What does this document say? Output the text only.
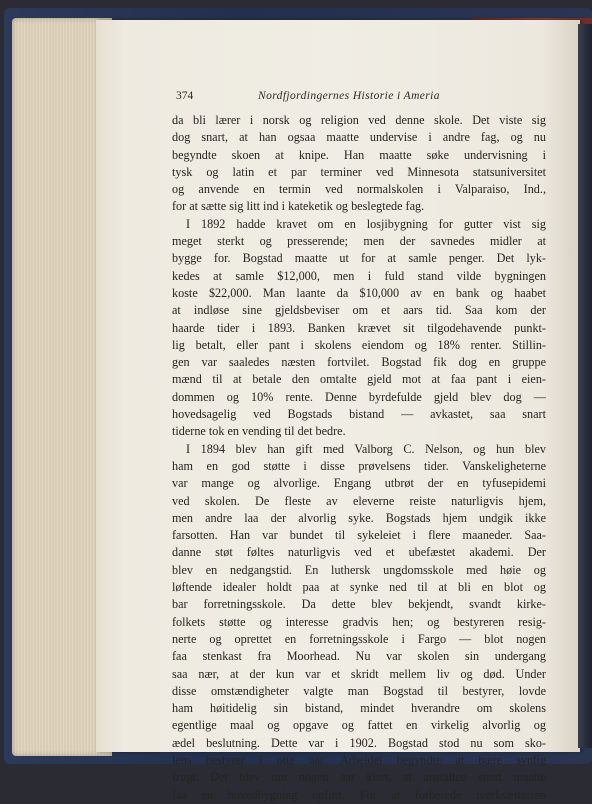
374	Nordfjordingernes Historie i Ameria
da bli lærer i norsk og religion ved denne skole. Det viste sig
dog snart, at han ogsaa maatte undervise i andre fag, og nu
begyndte skoen at knipe. Han maatte søke undervisning i
tysk og latin et par terminer ved Minnesota statsuniversitet
og anvende en termin ved normalskolen i Valparaiso, Ind.,
for at sætte sig litt ind i kateketik og beslegtede fag.
I 1892 hadde kravet om en losjibygning for gutter vist sig
meget sterkt og presserende; men der savnedes midler at
bygge for. Bogstad maatte ut for at samle penger. Det lyk-
kedes at samle $12,000, men i fuld stand vilde bygningen
koste $22,000. Man laante da $10,000 av en bank og haabet
at indløse sine gjeldsbeviser om et aars tid. Saa kom der
haarde tider i 1893. Banken krævet sit tilgodehavende punkt-
lig betalt, eller pant i skolens eiendom og 18% renter. Stillin-
gen var saaledes næsten fortvilet. Bogstad fik dog en gruppe
mænd til at betale den omtalte gjeld mot at faa pant i eien-
dommen og 10% rente. Denne byrdefulde gjeld blev dog —
hovedsagelig ved Bogstads bistand — avkastet, saa snart
tiderne tok en vending til det bedre.
I 1894 blev han gift med Valborg C. Nelson, og hun blev
ham en god støtte i disse prøvelsens tider. Vanskeligheterne
var mange og alvorlige. Engang utbrøt der en tyfusepidemi
ved skolen. De fleste av eleverne reiste naturligvis hjem,
men andre laa der alvorlig syke. Bogstads hjem undgik ikke
farsotten. Han var bundet til sykeleiet i flere maaneder. Saa-
danne støt føltes naturligvis ved et ubefæstet akademi. Der
blev en nedgangstid. En luthersk ungdomsskole med høie og
løftende idealer holdt paa at synke ned til at bli en blot og
bar forretningsskole. Da dette blev bekjendt, svandt kirke-
folkets støtte og interesse gradvis hen; og bestyreren resig-
nerte og oprettet en forretningsskole i Fargo — blot nogen
faa stenkast fra Moorhead. Nu var skolen sin undergang
saa nær, at der kun var et skridt mellem liv og død. Under
disse omstændigheter valgte man Bogstad til bestyrer, lovde
ham høitidelig sin bistand, mindet hverandre om skolens
egentlige maal og opgave og fattet en virkelig alvorlig og
ædel beslutning. Dette var i 1902. Bogstad stod nu som sko-
lens bestyrer i otte aar. Arbeidet begyndte at bære synlig
frugt. Det blev om nogen aar klart, at anstalten snart maatte
faa en hovedbygning opført. For at forberede iverksættelsen
